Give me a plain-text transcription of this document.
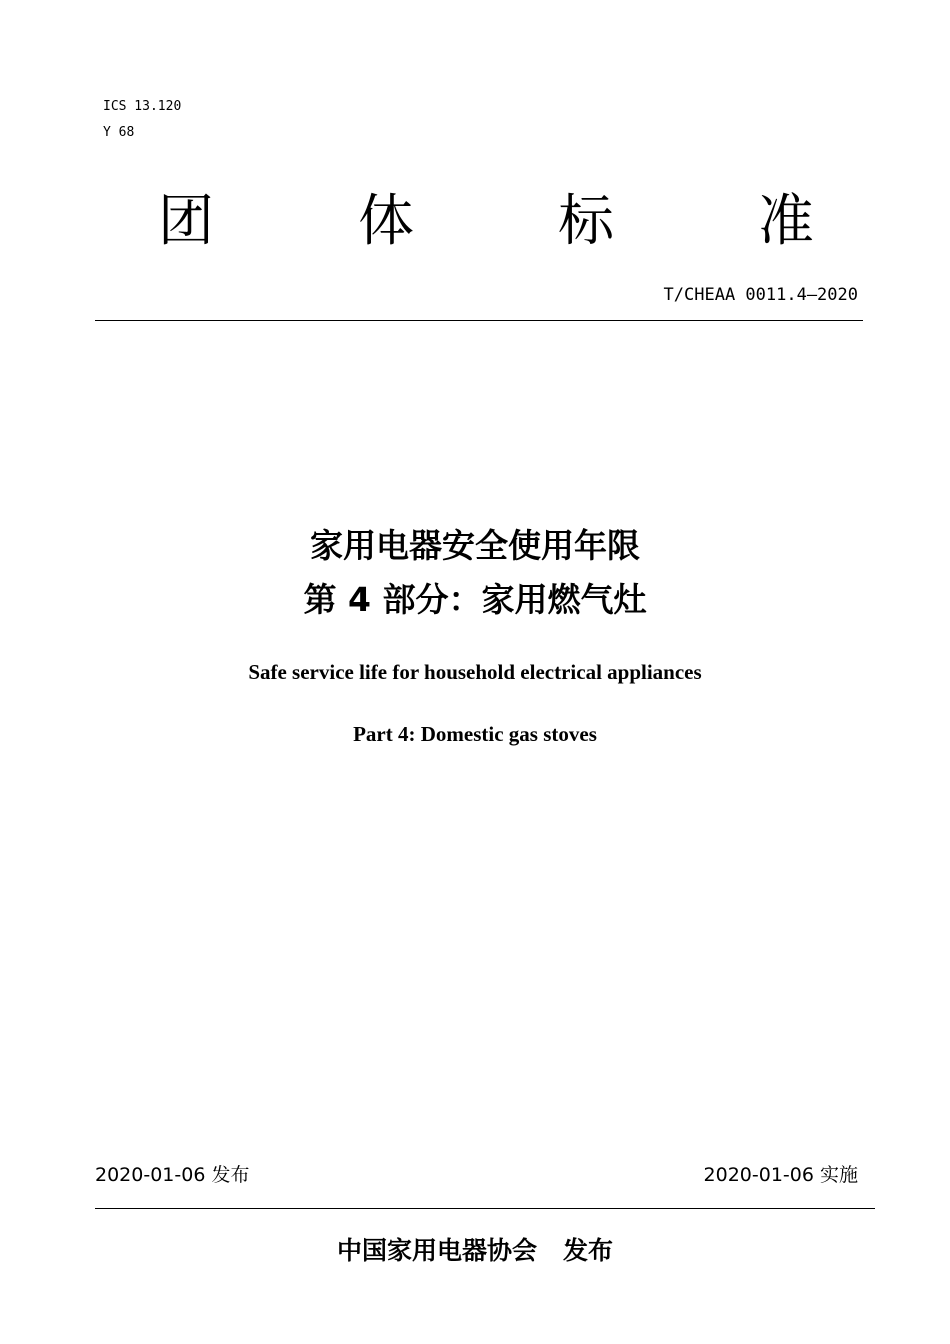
ICS 13.120
Y 68
团	体	标	准
T/CHEAA 0011.4—2020
家用电器安全使用年限
第 4 部分：家用燃气灶
Safe service life for household electrical appliances
Part 4: Domestic gas stoves
2020-01-06 发布	2020-01-06 实施
中国家用电器协会   发布
